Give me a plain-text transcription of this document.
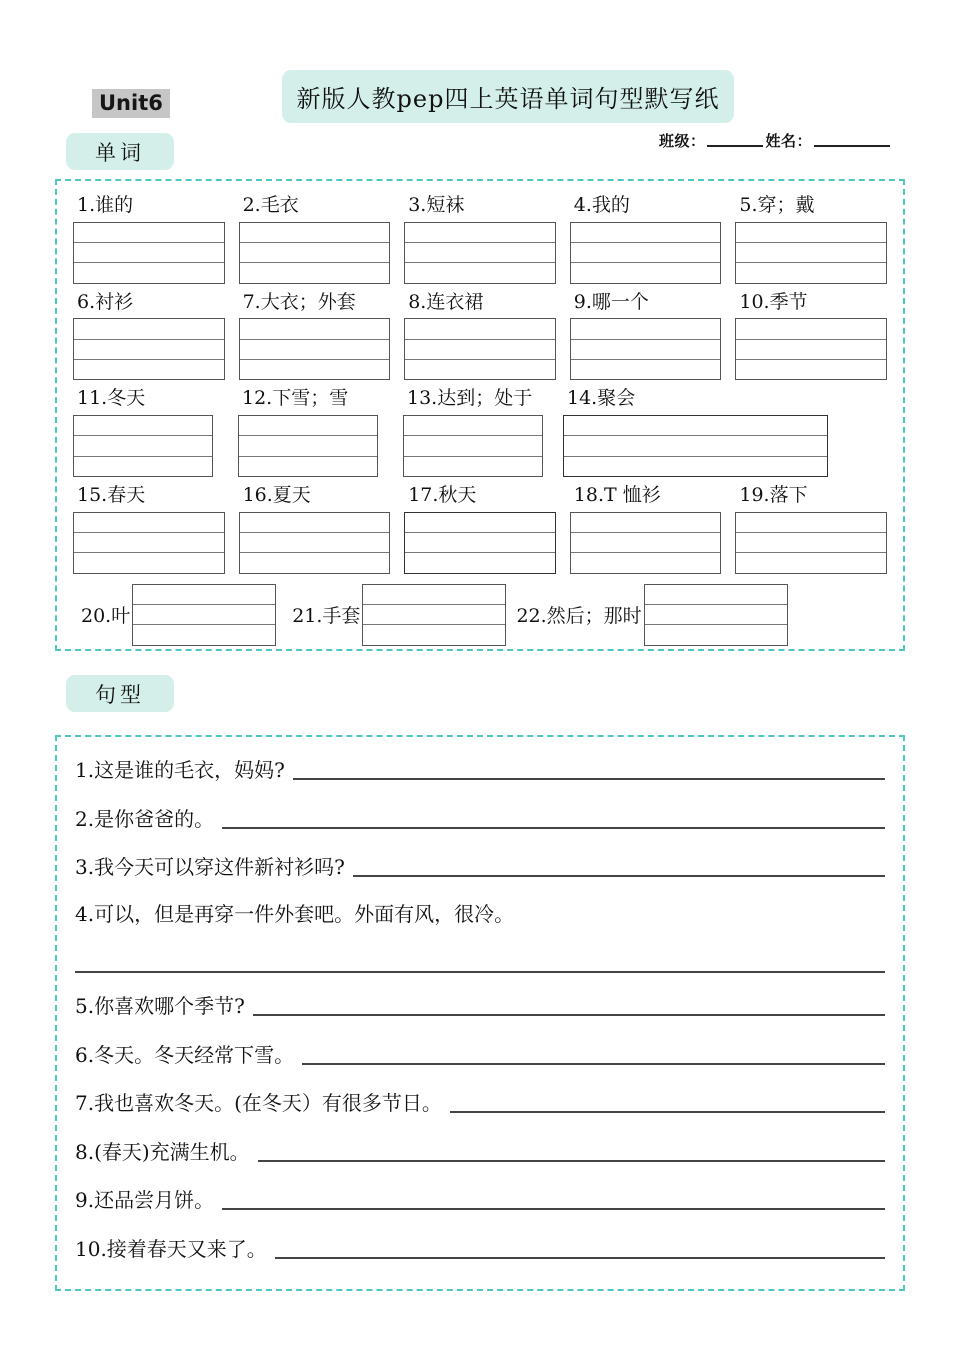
Unit6	新版人教pep四上英语单词句型默写纸
单词	班级：	姓名：
1.谁的	2.毛衣	3.短袜	4.我的	5.穿；戴
6.衬衫	7.大衣；外套	8.连衣裙	9.哪一个	10.季节
11.冬天	12.下雪；雪	13.达到；处于	14.聚会
15.春天	16.夏天	17.秋天	18.T 恤衫	19.落下
20.叶	21.手套	22.然后；那时
句型
1.这是谁的毛衣，妈妈?
2.是你爸爸的。
3.我今天可以穿这件新衬衫吗?
4.可以，但是再穿一件外套吧。外面有风，很冷。
5.你喜欢哪个季节?
6.冬天。冬天经常下雪。
7.我也喜欢冬天。(在冬天）有很多节日。
8.(春天)充满生机。
9.还品尝月饼。
10.接着春天又来了。
